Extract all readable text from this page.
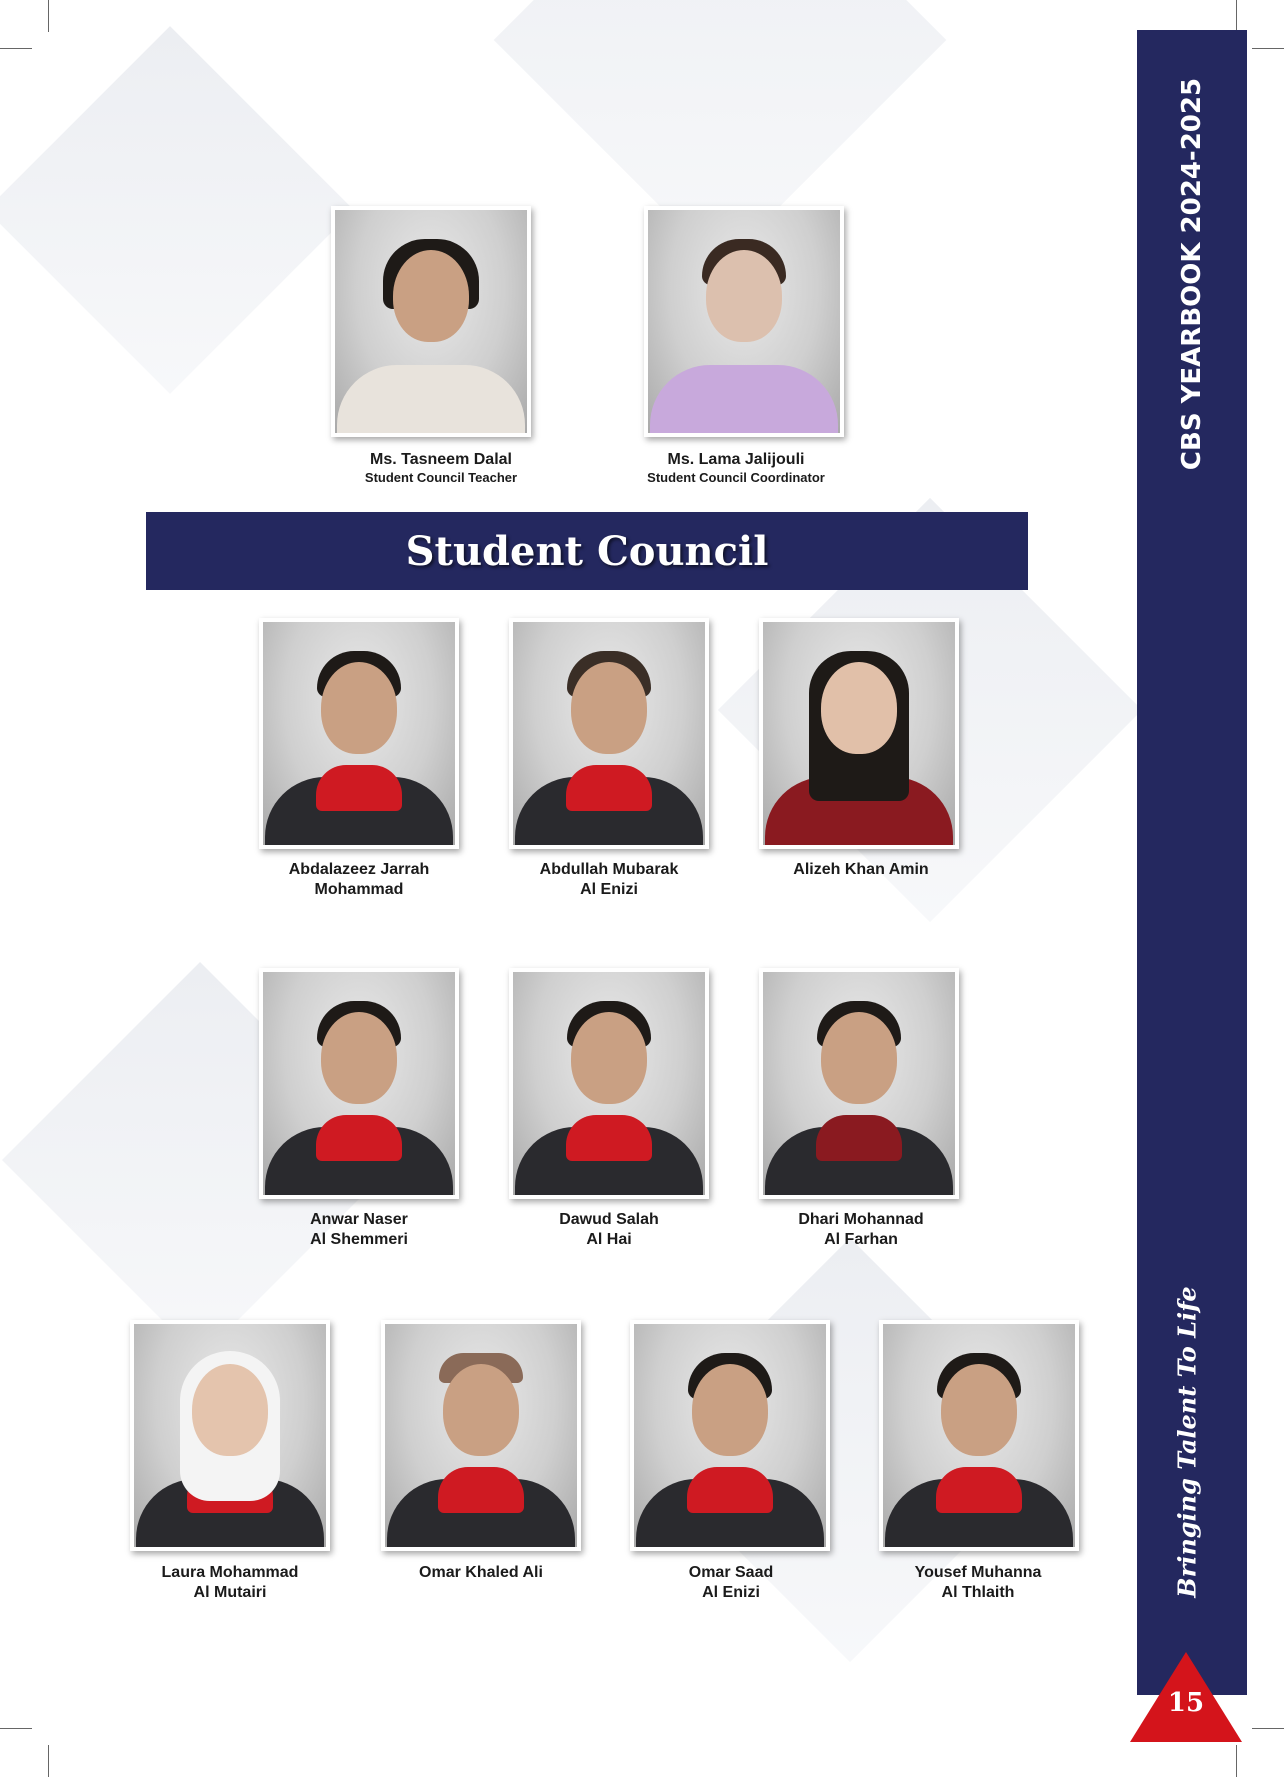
CBS YEARBOOK 2024-2025
Bringing Talent To Life
15
Ms. Tasneem Dalal
Student Council Teacher
Ms. Lama Jalijouli
Student Council Coordinator
Student Council
Abdalazeez Jarrah
Mohammad
Abdullah Mubarak
Al Enizi
Alizeh Khan Amin
Anwar Naser
Al Shemmeri
Dawud Salah
Al Hai
Dhari Mohannad
Al Farhan
Laura Mohammad
Al Mutairi
Omar Khaled Ali	Omar Saad
Al Enizi
Yousef Muhanna
Al Thlaith
